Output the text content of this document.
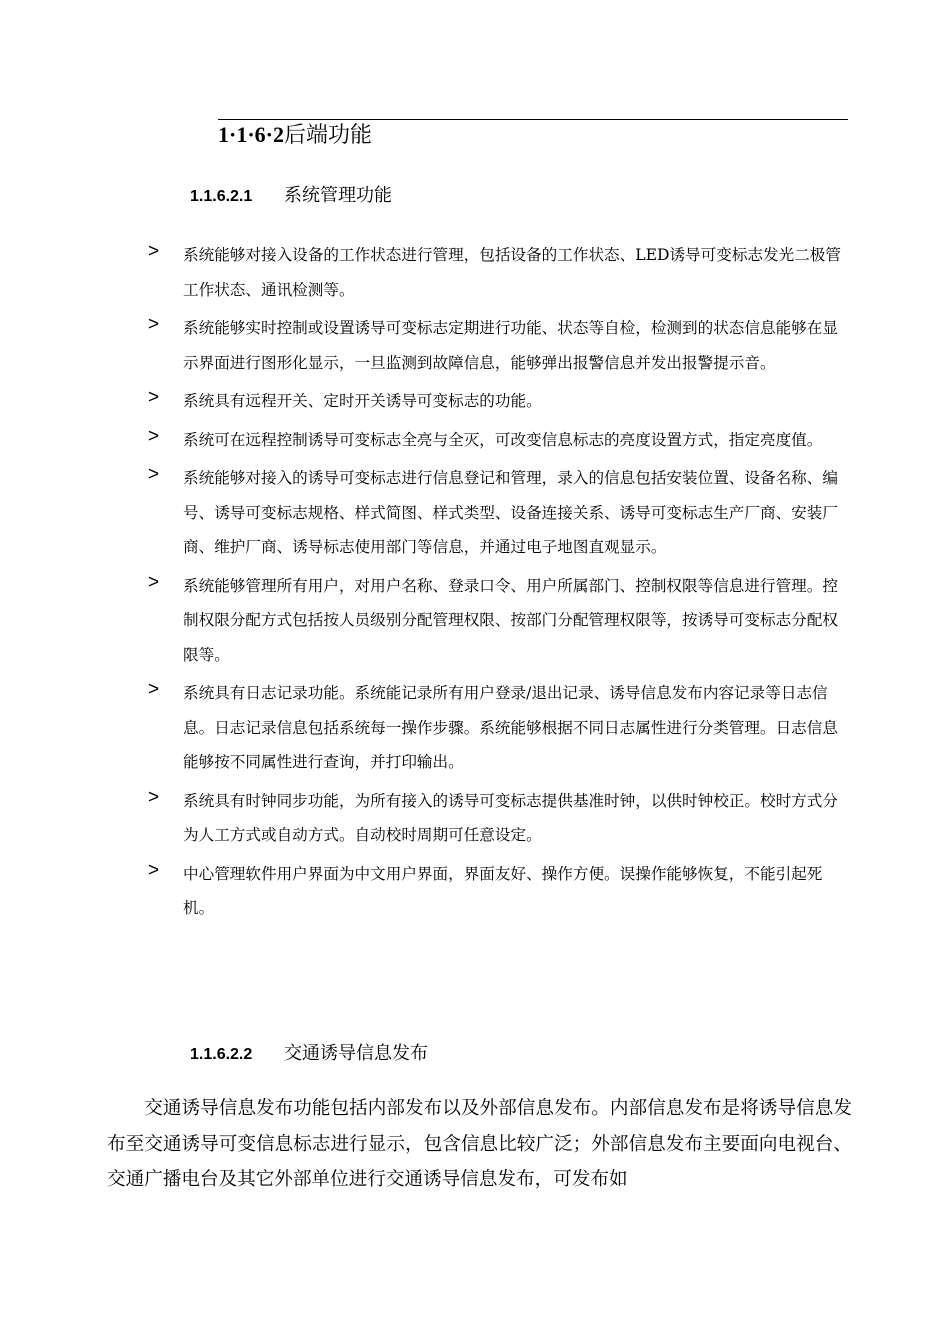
1·1·6·2后端功能
1.1.6.2.1 系统管理功能
> 系统能够对接入设备的工作状态进行管理，包括设备的工作状态、LED诱导可变标志发光二极管工作状态、通讯检测等。
> 系统能够实时控制或设置诱导可变标志定期进行功能、状态等自检，检测到的状态信息能够在显示界面进行图形化显示，一旦监测到故障信息，能够弹出报警信息并发出报警提示音。
> 系统具有远程开关、定时开关诱导可变标志的功能。
> 系统可在远程控制诱导可变标志全亮与全灭，可改变信息标志的亮度设置方式，指定亮度值。
> 系统能够对接入的诱导可变标志进行信息登记和管理，录入的信息包括安装位置、设备名称、编号、诱导可变标志规格、样式简图、样式类型、设备连接关系、诱导可变标志生产厂商、安装厂商、维护厂商、诱导标志使用部门等信息，并通过电子地图直观显示。
> 系统能够管理所有用户，对用户名称、登录口令、用户所属部门、控制权限等信息进行管理。控制权限分配方式包括按人员级别分配管理权限、按部门分配管理权限等，按诱导可变标志分配权限等。
> 系统具有日志记录功能。系统能记录所有用户登录/退出记录、诱导信息发布内容记录等日志信息。日志记录信息包括系统每一操作步骤。系统能够根据不同日志属性进行分类管理。日志信息能够按不同属性进行查询，并打印输出。
> 系统具有时钟同步功能，为所有接入的诱导可变标志提供基准时钟，以供时钟校正。校时方式分为人工方式或自动方式。自动校时周期可任意设定。
> 中心管理软件用户界面为中文用户界面，界面友好、操作方便。误操作能够恢复，不能引起死机。
1.1.6.2.2 交通诱导信息发布

交通诱导信息发布功能包括内部发布以及外部信息发布。内部信息发布是将诱导信息发布至交通诱导可变信息标志进行显示，包含信息比较广泛；外部信息发布主要面向电视台、交通广播电台及其它外部单位进行交通诱导信息发布，可发布如
